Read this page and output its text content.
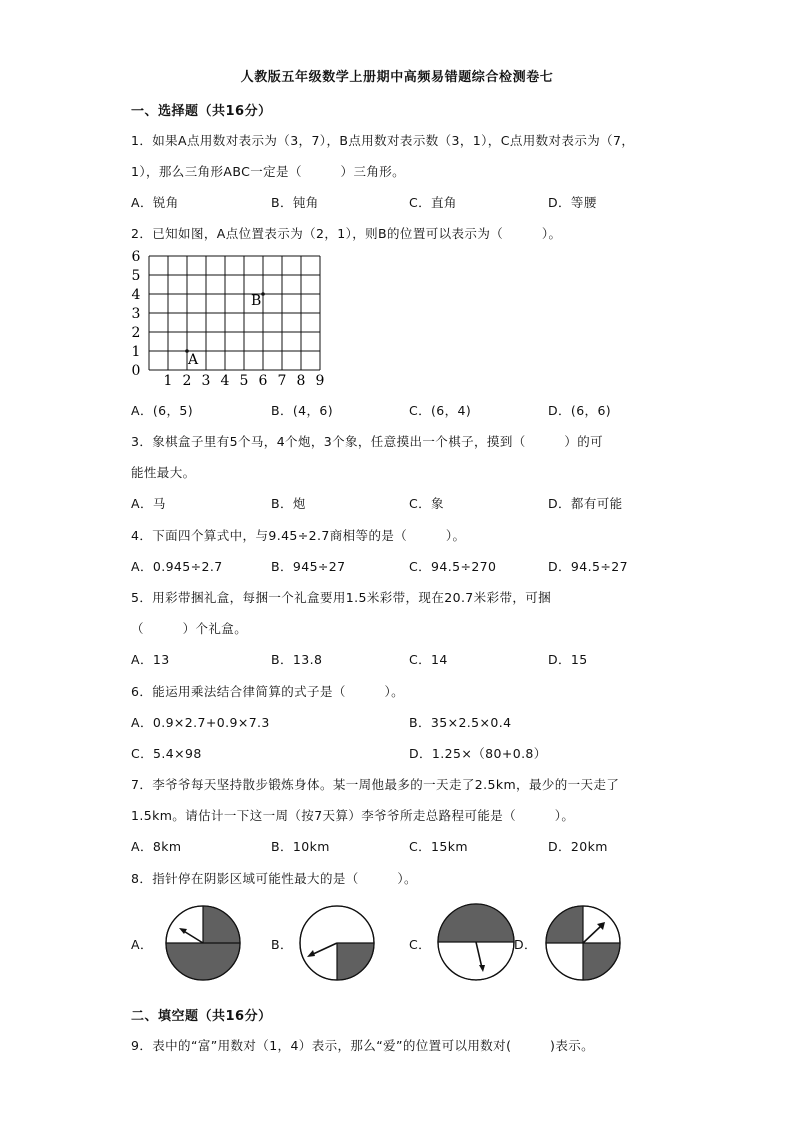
人教版五年级数学上册期中高频易错题综合检测卷七
一、选择题（共16分）
1．如果A点用数对表示为（3，7），B点用数对表示数（3，1），C点用数对表示为（7，
1），那么三角形ABC一定是（　　　）三角形。
A．锐角	B．钝角	C．直角	D．等腰
2．已知如图，A点位置表示为（2，1），则B的位置可以表示为（　　　）。
0
1
2
3
4
5
6
1 2 3 4 5 6 7 8 9
A
B
A．(6，5)	B．(4，6)	C．(6，4)	D．(6，6)
3．象棋盒子里有5个马，4个炮，3个象，任意摸出一个棋子，摸到（　　　）的可
能性最大。
A．马	B．炮	C．象	D．都有可能
4．下面四个算式中，与9.45÷2.7商相等的是（　　　）。
A．0.945÷2.7	B．945÷27	C．94.5÷270	D．94.5÷27
5．用彩带捆礼盒，每捆一个礼盒要用1.5米彩带，现在20.7米彩带，可捆
（　　　）个礼盒。
A．13	B．13.8	C．14	D．15
6．能运用乘法结合律简算的式子是（　　　）。
A．0.9×2.7+0.9×7.3	B．35×2.5×0.4
C．5.4×98	D．1.25×（80+0.8）
7．李爷爷每天坚持散步锻炼身体。某一周他最多的一天走了2.5km，最少的一天走了
1.5km。请估计一下这一周（按7天算）李爷爷所走总路程可能是（　　　）。
A．8km	B．10km	C．15km	D．20km
8．指针停在阴影区域可能性最大的是（　　　）。
A．	B．	C．	D．
二、填空题（共16分）
9．表中的“富”用数对（1，4）表示，那么“爱”的位置可以用数对(　　　)表示。
